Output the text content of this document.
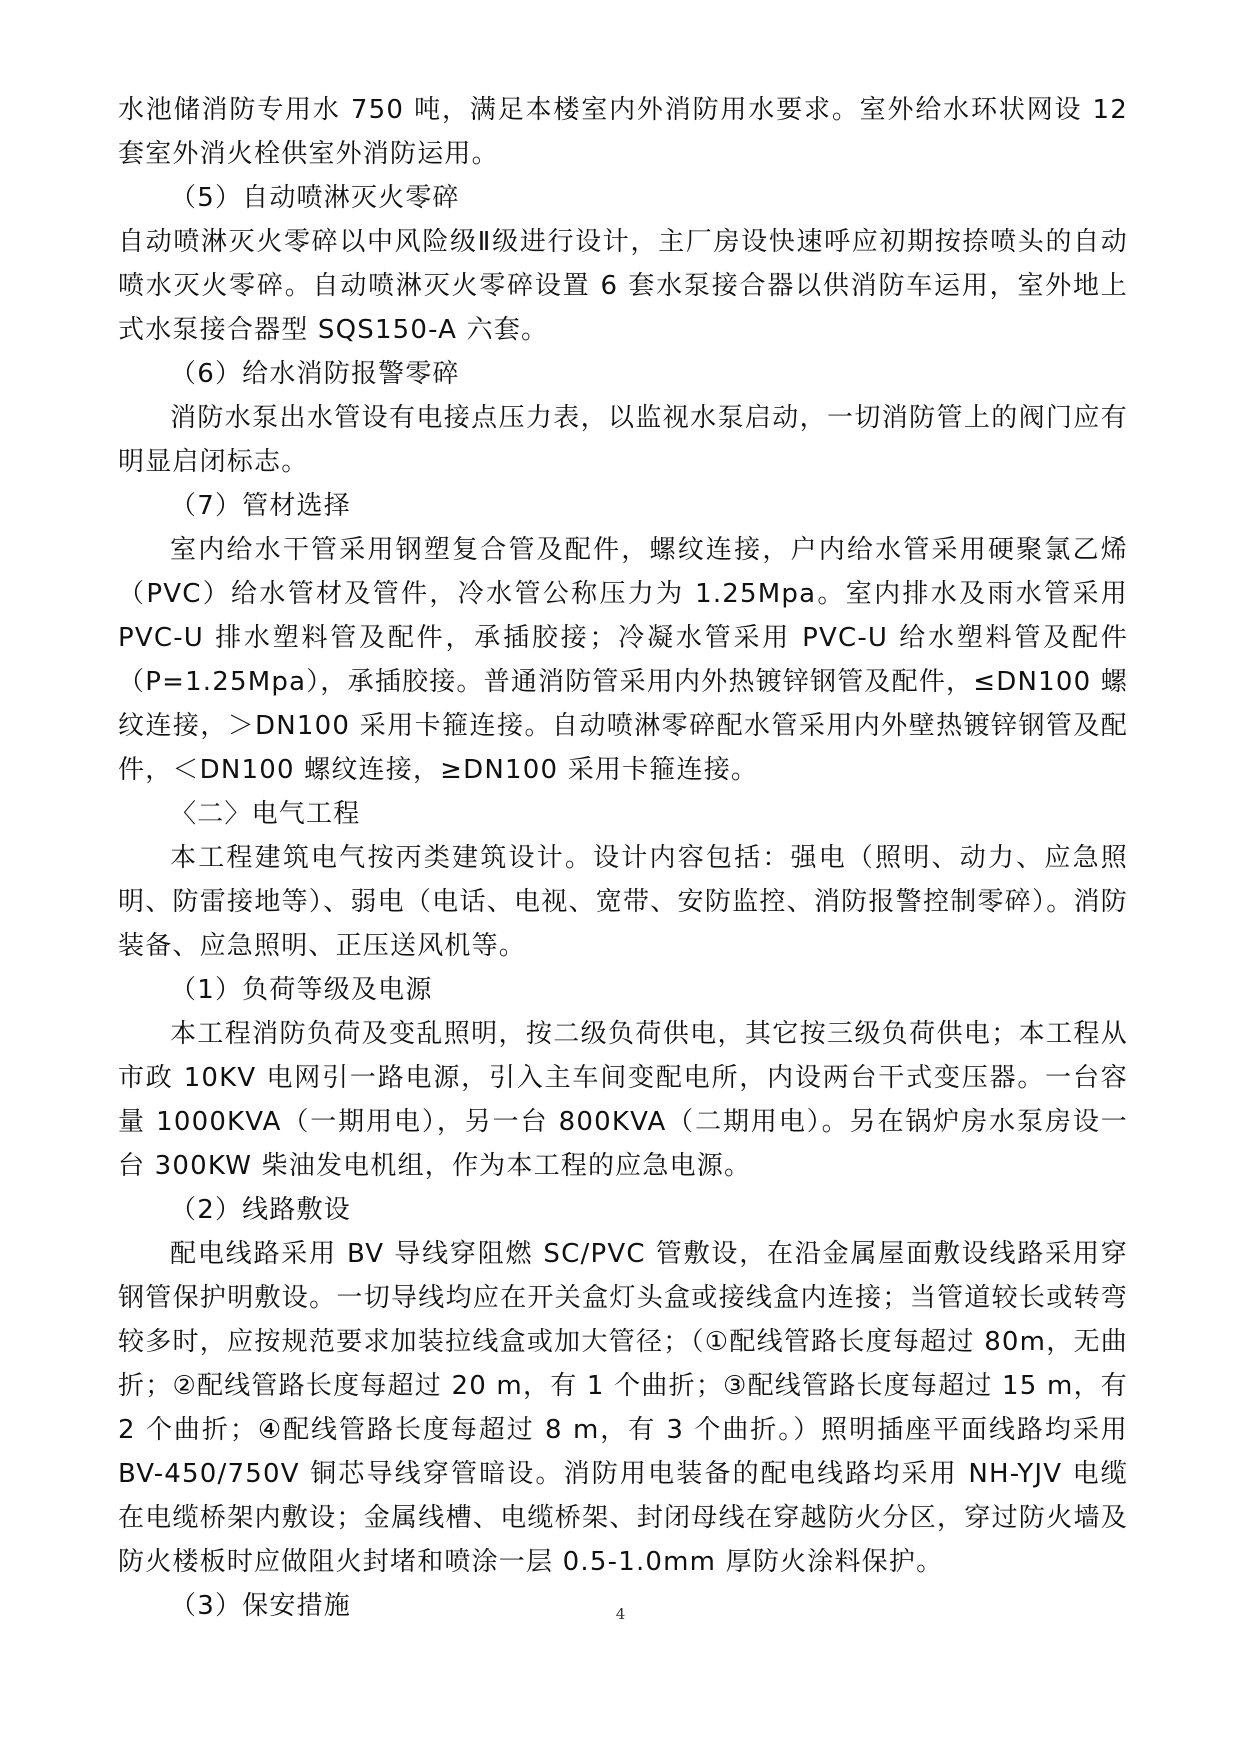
水池储消防专用水 750 吨，满足本楼室内外消防用水要求。室外给水环状网设 12 套室外消火栓供室外消防运用。

（5）自动喷淋灭火零碎

自动喷淋灭火零碎以中风险级Ⅱ级进行设计，主厂房设快速呼应初期按捺喷头的自动喷水灭火零碎。自动喷淋灭火零碎设置 6 套水泵接合器以供消防车运用，室外地上式水泵接合器型 SQS150-A 六套。

（6）给水消防报警零碎

消防水泵出水管设有电接点压力表，以监视水泵启动，一切消防管上的阀门应有明显启闭标志。

（7）管材选择

室内给水干管采用钢塑复合管及配件，螺纹连接，户内给水管采用硬聚氯乙烯（PVC）给水管材及管件，冷水管公称压力为 1.25Mpa。室内排水及雨水管采用 PVC-U 排水塑料管及配件，承插胶接；冷凝水管采用 PVC-U 给水塑料管及配件（P=1.25Mpa），承插胶接。普通消防管采用内外热镀锌钢管及配件，≤DN100 螺纹连接，＞DN100 采用卡箍连接。自动喷淋零碎配水管采用内外壁热镀锌钢管及配件，＜DN100 螺纹连接，≥DN100 采用卡箍连接。

〈二〉电气工程

本工程建筑电气按丙类建筑设计。设计内容包括：强电（照明、动力、应急照明、防雷接地等）、弱电（电话、电视、宽带、安防监控、消防报警控制零碎）。消防装备、应急照明、正压送风机等。

（1）负荷等级及电源

本工程消防负荷及变乱照明，按二级负荷供电，其它按三级负荷供电；本工程从市政 10KV 电网引一路电源，引入主车间变配电所，内设两台干式变压器。一台容量 1000KVA（一期用电），另一台 800KVA（二期用电）。另在锅炉房水泵房设一台 300KW 柴油发电机组，作为本工程的应急电源。

（2）线路敷设

配电线路采用 BV 导线穿阻燃 SC/PVC 管敷设，在沿金属屋面敷设线路采用穿钢管保护明敷设。一切导线均应在开关盒灯头盒或接线盒内连接；当管道较长或转弯较多时，应按规范要求加装拉线盒或加大管径；（①配线管路长度每超过 80m，无曲折；②配线管路长度每超过 20 m，有 1 个曲折；③配线管路长度每超过 15 m，有 2 个曲折；④配线管路长度每超过 8 m，有 3 个曲折。）照明插座平面线路均采用 BV-450/750V 铜芯导线穿管暗设。消防用电装备的配电线路均采用 NH-YJV 电缆在电缆桥架内敷设；金属线槽、电缆桥架、封闭母线在穿越防火分区，穿过防火墙及防火楼板时应做阻火封堵和喷涂一层 0.5-1.0mm 厚防火涂料保护。

（3）保安措施	4
